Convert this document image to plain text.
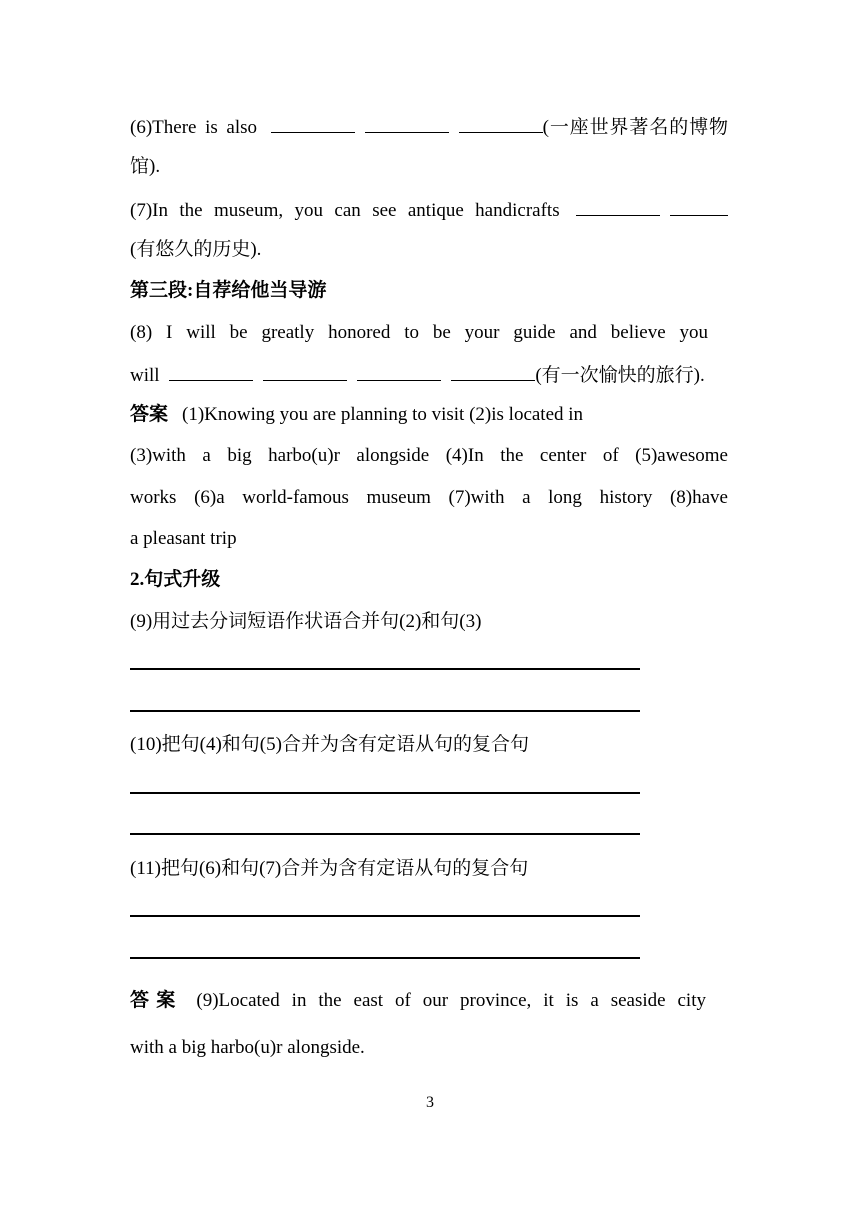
(6)There is also	(一座世界著名的博物
馆).
(7)In the museum, you can see antique handicrafts
(有悠久的历史).
第三段:自荐给他当导游
(8) I will be greatly honored to be your guide and believe you
will	(有一次愉快的旅行).
答案 (1)Knowing you are planning to visit (2)is located in
(3)with a big harbo(u)r alongside (4)In the center of (5)awesome
works (6)a world-famous museum (7)with a long history (8)have
a pleasant trip
2.句式升级
(9)用过去分词短语作状语合并句(2)和句(3)
(10)把句(4)和句(5)合并为含有定语从句的复合句
(11)把句(6)和句(7)合并为含有定语从句的复合句
答案 (9)Located in the east of our province, it is a seaside city
with a big harbo(u)r alongside.
3
